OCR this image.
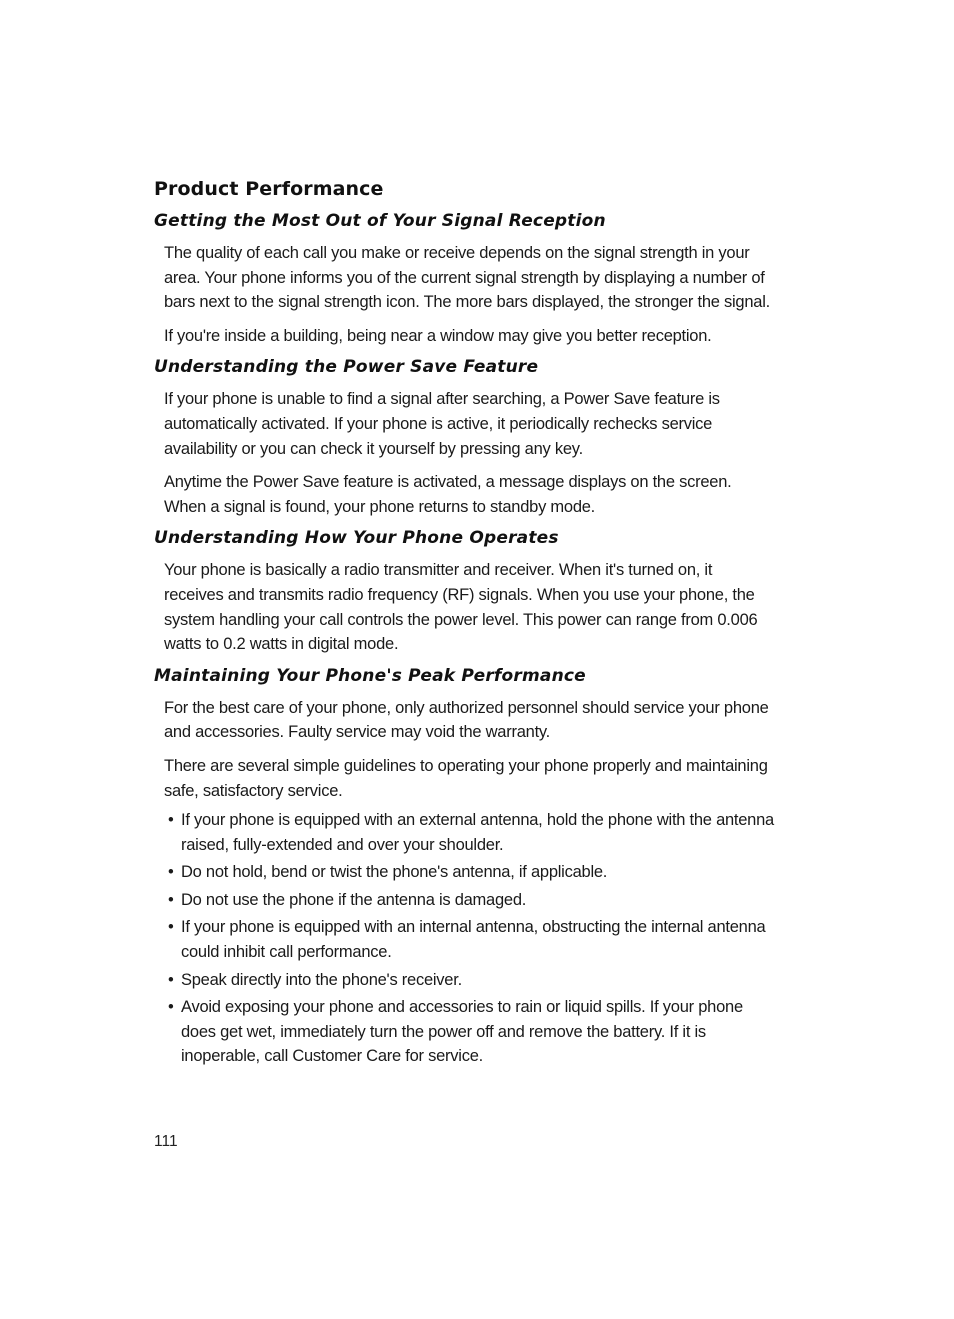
Product Performance
Getting the Most Out of Your Signal Reception

The quality of each call you make or receive depends on the signal strength in your area. Your phone informs you of the current signal strength by displaying a number of bars next to the signal strength icon. The more bars displayed, the stronger the signal.

If you're inside a building, being near a window may give you better reception.

Understanding the Power Save Feature

If your phone is unable to find a signal after searching, a Power Save feature is automatically activated. If your phone is active, it periodically rechecks service availability or you can check it yourself by pressing any key.

Anytime the Power Save feature is activated, a message displays on the screen. When a signal is found, your phone returns to standby mode.

Understanding How Your Phone Operates

Your phone is basically a radio transmitter and receiver. When it's turned on, it receives and transmits radio frequency (RF) signals. When you use your phone, the system handling your call controls the power level. This power can range from 0.006 watts to 0.2 watts in digital mode.

Maintaining Your Phone's Peak Performance

For the best care of your phone, only authorized personnel should service your phone and accessories. Faulty service may void the warranty.

There are several simple guidelines to operating your phone properly and maintaining safe, satisfactory service.

• If your phone is equipped with an external antenna, hold the phone with the antenna raised, fully-extended and over your shoulder.
• Do not hold, bend or twist the phone's antenna, if applicable.
• Do not use the phone if the antenna is damaged.
• If your phone is equipped with an internal antenna, obstructing the internal antenna could inhibit call performance.
• Speak directly into the phone's receiver.
• Avoid exposing your phone and accessories to rain or liquid spills. If your phone does get wet, immediately turn the power off and remove the battery. If it is inoperable, call Customer Care for service.
111
